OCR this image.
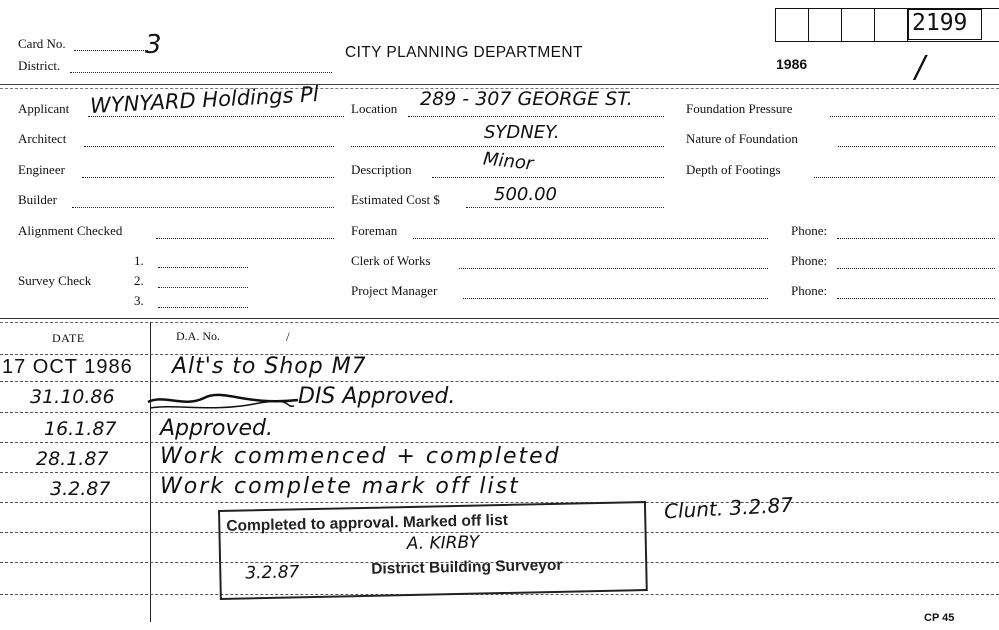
Card No.	3
District.
CITY PLANNING DEPARTMENT
1986	/
2199
Applicant WYNYARD Holdings Pl
Architect
Engineer
Builder
Alignment Checked
Survey Check
1.
2.
3.
Location 289 - 307 GEORGE ST.
SYDNEY.
Description	Minor
Estimated Cost $	500.00
Foreman
Clerk of Works
Project Manager
Phone:
Phone:
Phone:
Foundation Pressure
Nature of Foundation
Depth of Footings
DATE	D.A. No.	/
17 OCT 1986 Alt's to Shop M7
31.10.86	DIS Approved.
16.1.87 Approved.
28.1.87 Work commenced + completed
3.2.87 Work complete mark off list
Clunt. 3.2.87
Completed to approval. Marked off list
A. KIRBY
3.2.87	District Building Surveyor
CP 45
